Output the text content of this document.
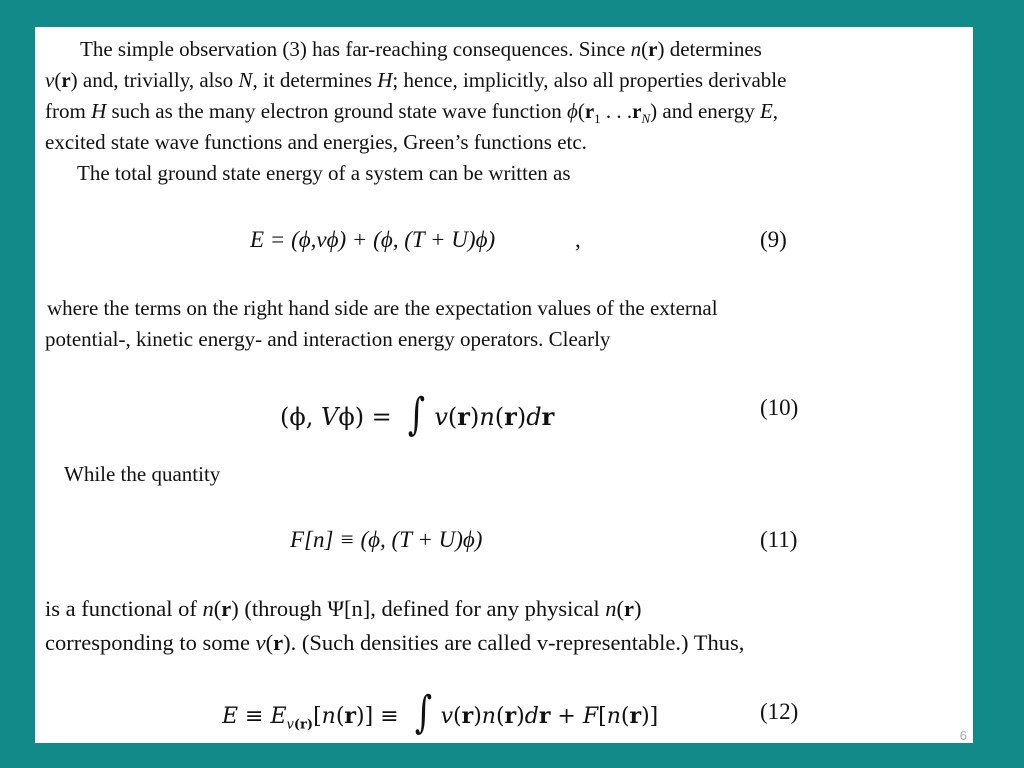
The simple observation (3) has far-reaching consequences. Since n(r) determines
v(r) and, trivially, also N, it determines H; hence, implicitly, also all properties derivable
from H such as the many electron ground state wave function $\phi(r_1$ . . $.r_N$) and energy E,
excited state wave functions and energies, Green’s functions etc.
The total ground state energy of a system can be written as
E = (ϕ,vϕ) + (ϕ, (T + U)ϕ)	,	(9)
where the terms on the right hand side are the expectation values of the external
potential-, kinetic energy- and interaction energy operators. Clearly
(ϕ, Vϕ) = ∫ v(r)n(r)dr	(10)
While the quantity
F[n] ≡ (ϕ, (T + U)ϕ)	(11)
is a functional of n(r) (through Ψ[n], defined for any physical n(r)
corresponding to some v(r). (Such densities are called v-representable.) Thus,
$E \equiv E_{v(r)}[n(r)]$ ≡ ∫ v(r)n(r)dr + F[n(r)]	(12)
6
